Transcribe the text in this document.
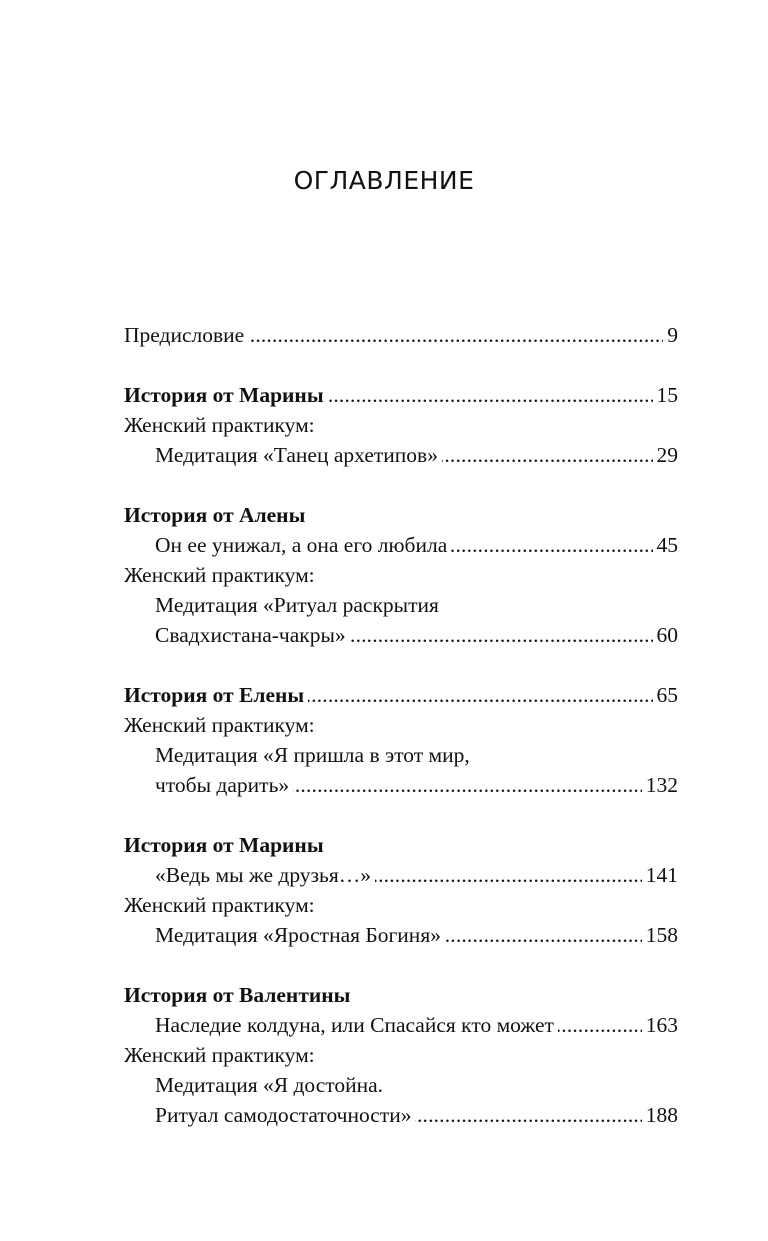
ОГЛАВЛЕНИЕ
Предисловие . . .	9
История от Марины . . .	15
Женский практикум:
Медитация «Танец архетипов» . . .	29
История от Алены
Он ее унижал, а она его любила . . .	45
Женский практикум:
Медитация «Ритуал раскрытия
Свадхистана-чакры» . . .	60
История от Елены . . .	65
Женский практикум:
Медитация «Я пришла в этот мир,
чтобы дарить» . . .	132
История от Марины
«Ведь мы же друзья…» . . .	141
Женский практикум:
Медитация «Яростная Богиня» . . .	158
История от Валентины
Наследие колдуна, или Спасайся кто может . . .	163
Женский практикум:
Медитация «Я достойна.
Ритуал самодостаточности» . . .	188
